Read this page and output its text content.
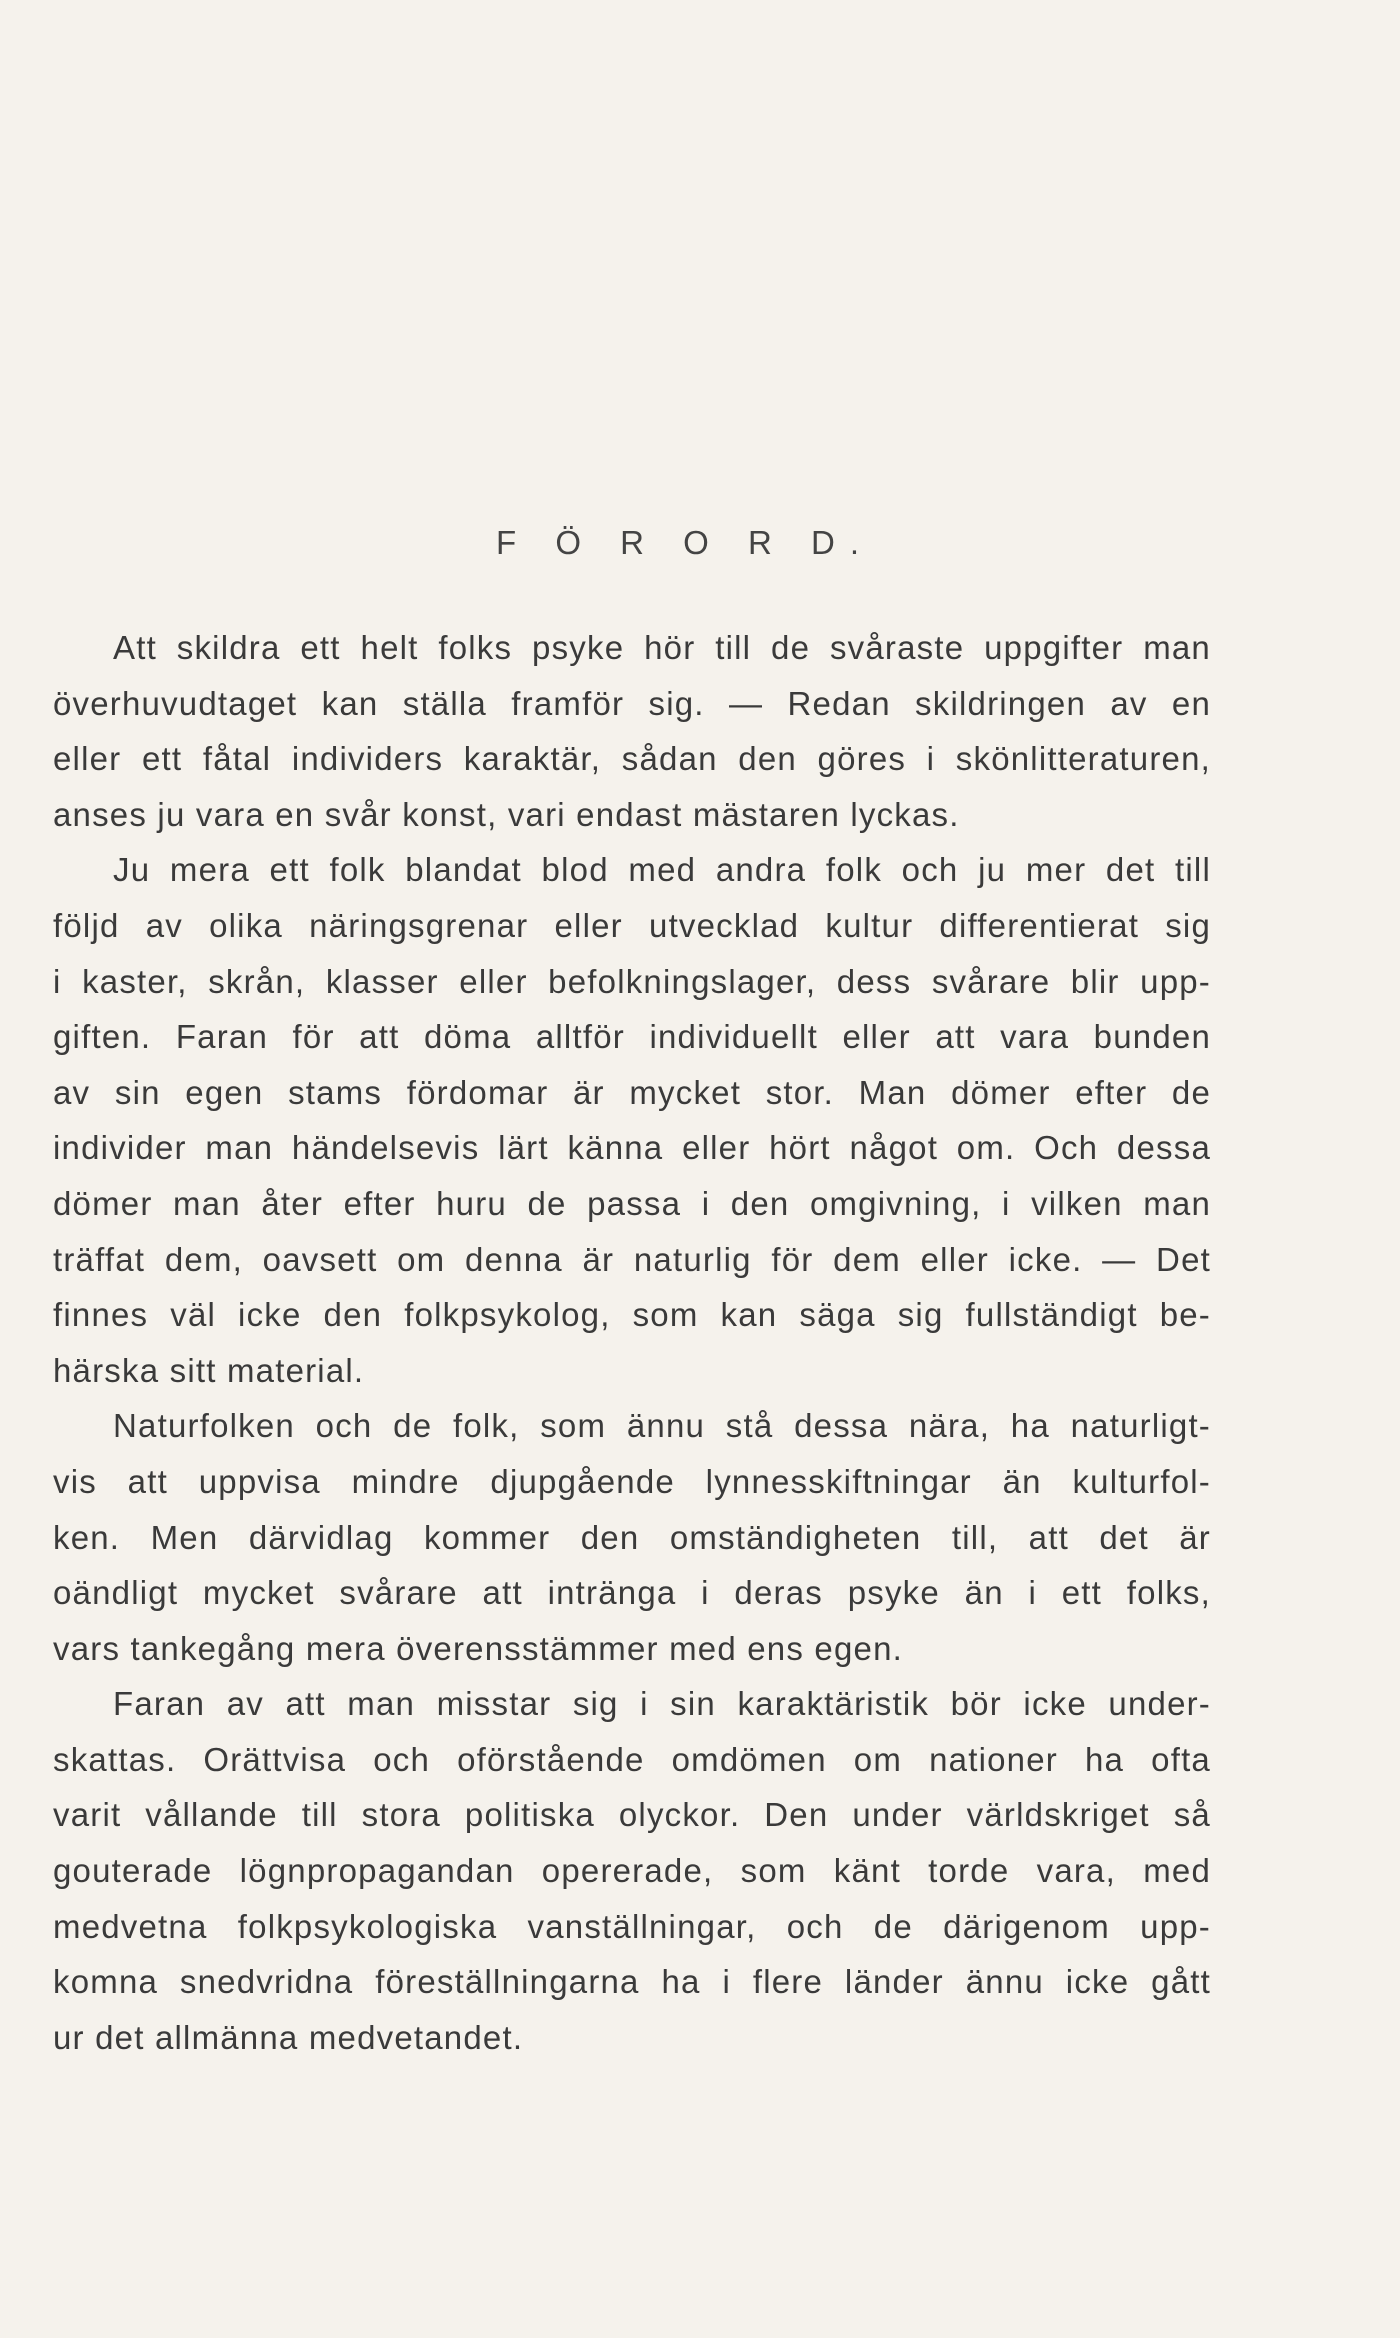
F Ö R O R D.
Att skildra ett helt folks psyke hör till de svåraste uppgifter man
överhuvudtaget kan ställa framför sig. — Redan skildringen av en
eller ett fåtal individers karaktär, sådan den göres i skönlitteraturen,
anses ju vara en svår konst, vari endast mästaren lyckas.
Ju mera ett folk blandat blod med andra folk och ju mer det till
följd av olika näringsgrenar eller utvecklad kultur differentierat sig
i kaster, skrån, klasser eller befolkningslager, dess svårare blir upp-
giften. Faran för att döma alltför individuellt eller att vara bunden
av sin egen stams fördomar är mycket stor. Man dömer efter de
individer man händelsevis lärt känna eller hört något om. Och dessa
dömer man åter efter huru de passa i den omgivning, i vilken man
träffat dem, oavsett om denna är naturlig för dem eller icke. — Det
finnes väl icke den folkpsykolog, som kan säga sig fullständigt be-
härska sitt material.
Naturfolken och de folk, som ännu stå dessa nära, ha naturligt-
vis att uppvisa mindre djupgående lynnesskiftningar än kulturfol-
ken. Men därvidlag kommer den omständigheten till, att det är
oändligt mycket svårare att intränga i deras psyke än i ett folks,
vars tankegång mera överensstämmer med ens egen.
Faran av att man misstar sig i sin karaktäristik bör icke under-
skattas. Orättvisa och oförstående omdömen om nationer ha ofta
varit vållande till stora politiska olyckor. Den under världskriget så
gouterade lögnpropagandan opererade, som känt torde vara, med
medvetna folkpsykologiska vanställningar, och de därigenom upp-
komna snedvridna föreställningarna ha i flere länder ännu icke gått
ur det allmänna medvetandet.
